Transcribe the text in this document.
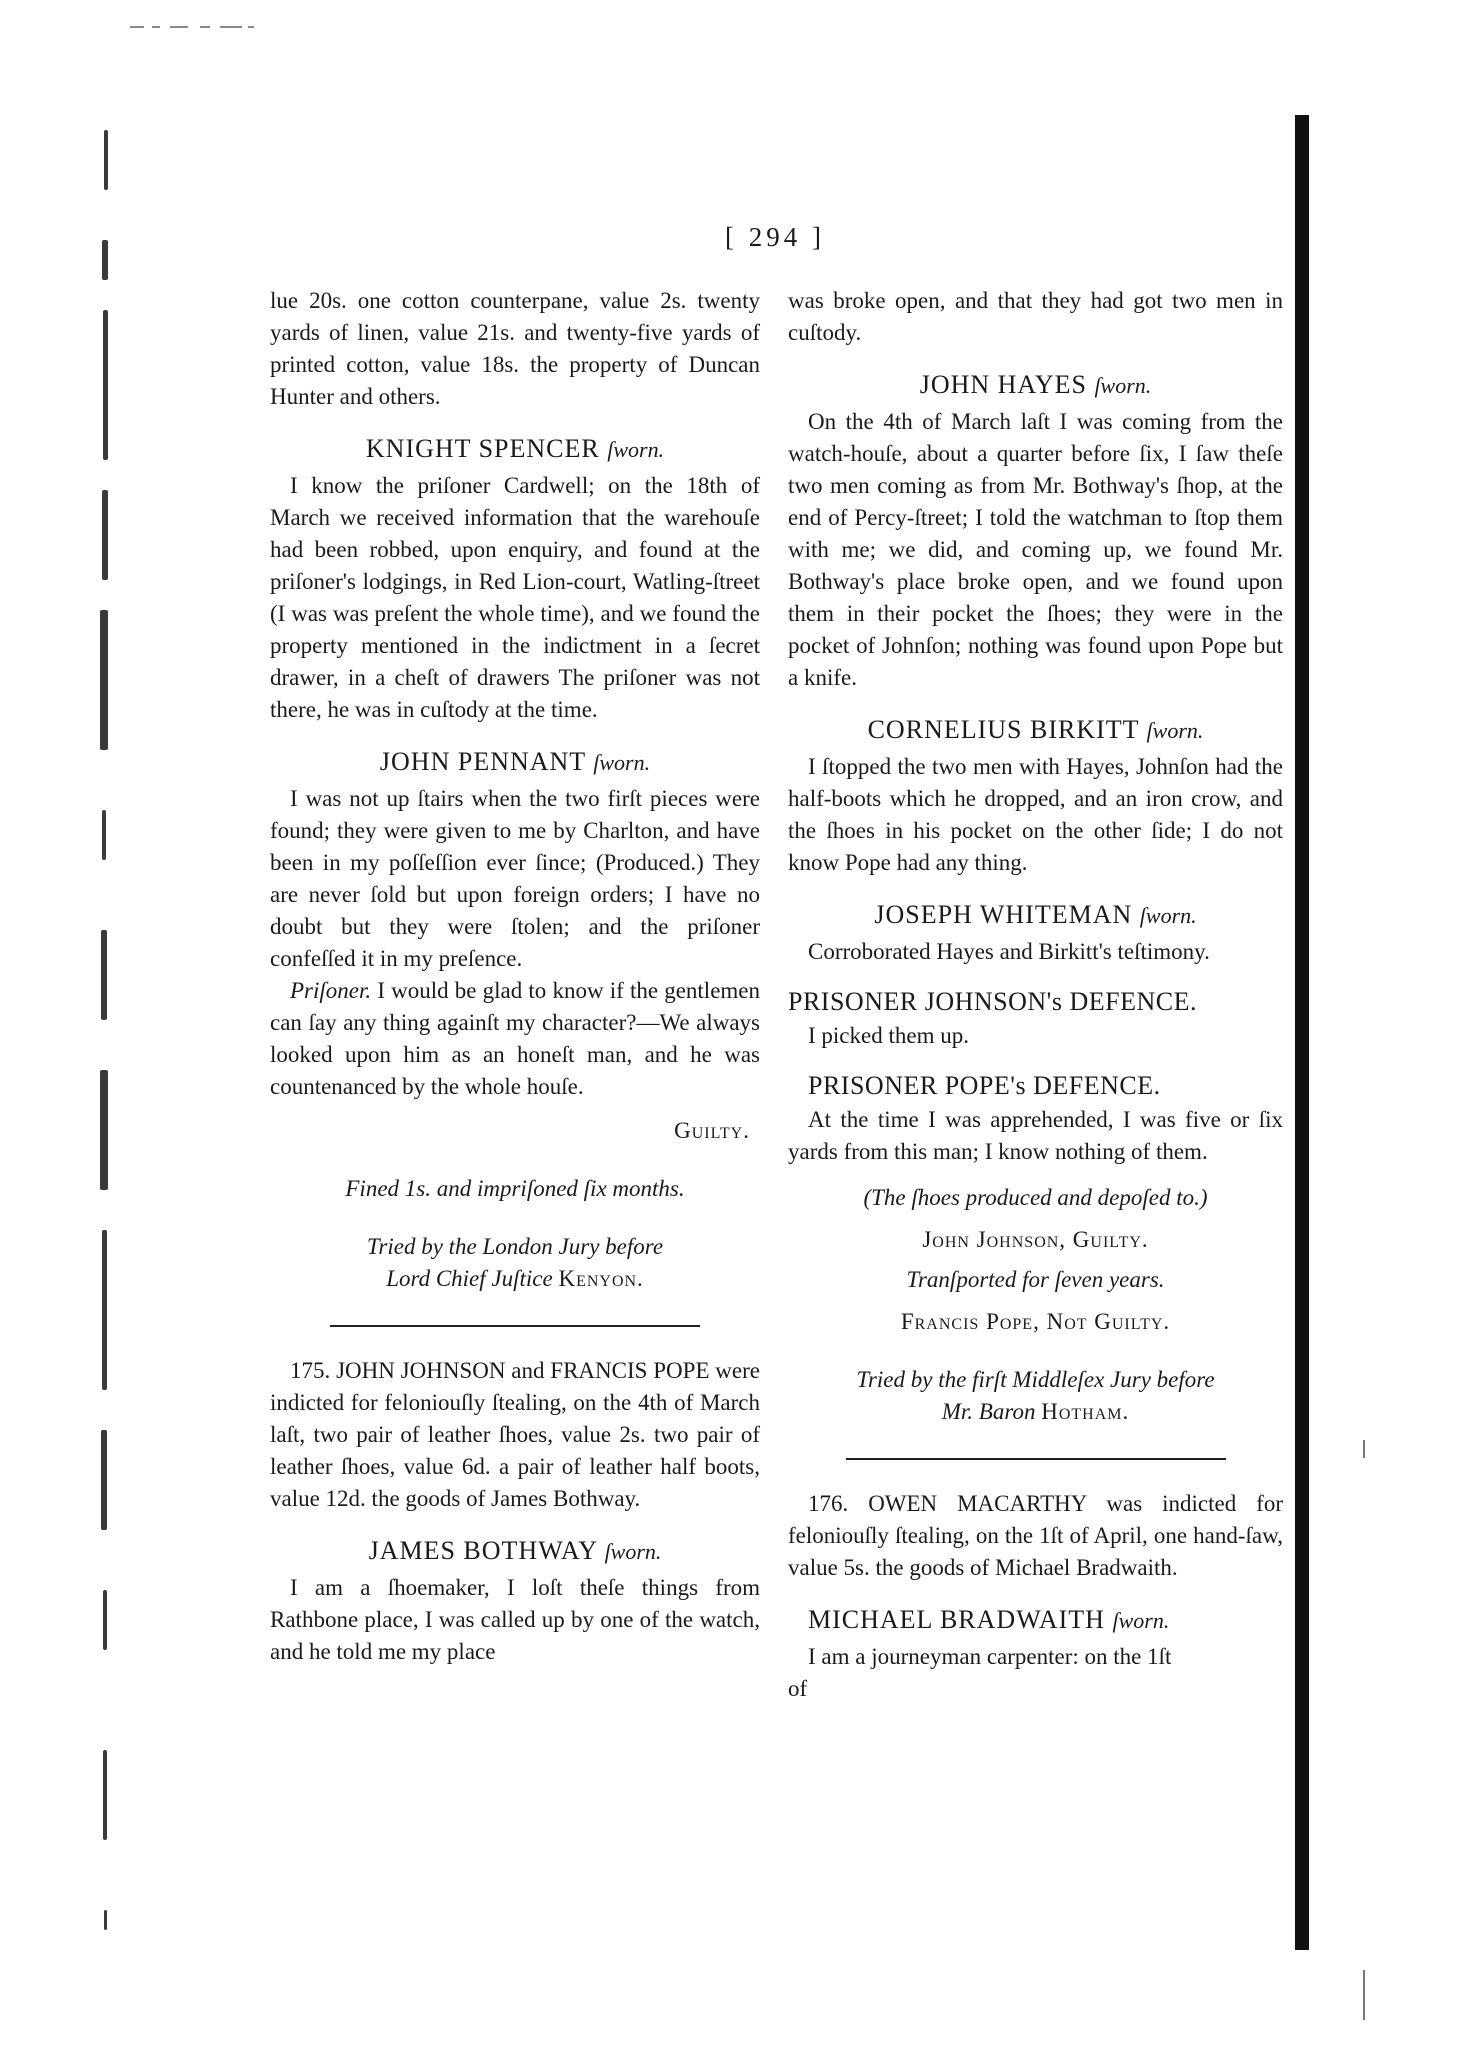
[ 294 ]

lue 20s. one cotton counterpane, value 2s. twenty yards of linen, value 21s. and twenty-five yards of printed cotton, value 18s. the property of Duncan Hunter and others.

KNIGHT SPENCER ſworn.

I know the priſoner Cardwell; on the 18th of March we received information that the warehouſe had been robbed, upon enquiry, and found at the priſoner's lodgings, in Red Lion-court, Watling-ſtreet (I was was preſent the whole time), and we found the property mentioned in the indictment in a ſecret drawer, in a cheſt of drawers The priſoner was not there, he was in cuſtody at the time.

JOHN PENNANT ſworn.

I was not up ſtairs when the two firſt pieces were found; they were given to me by Charlton, and have been in my poſſeſſion ever ſince; (Produced.) They are never ſold but upon foreign orders; I have no doubt but they were ſtolen; and the priſoner confeſſed it in my preſence.

Priſoner. I would be glad to know if the gentlemen can ſay any thing againſt my character?—We always looked upon him as an honeſt man, and he was countenanced by the whole houſe.

Guilty.

Fined 1s. and impriſoned ſix months.

Tried by the London Jury before

Lord Chief Juſtice Kenyon.

175. JOHN JOHNSON and FRANCIS POPE were indicted for feloniouſly ſtealing, on the 4th of March laſt, two pair of leather ſhoes, value 2s. two pair of leather ſhoes, value 6d. a pair of leather half boots, value 12d. the goods of James Bothway.

JAMES BOTHWAY ſworn.

I am a ſhoemaker, I loſt theſe things from Rathbone place, I was called up by one of the watch, and he told me my place

was broke open, and that they had got two men in cuſtody.

JOHN HAYES ſworn.

On the 4th of March laſt I was coming from the watch-houſe, about a quarter before ſix, I ſaw theſe two men coming as from Mr. Bothway's ſhop, at the end of Percy-ſtreet; I told the watchman to ſtop them with me; we did, and coming up, we found Mr. Bothway's place broke open, and we found upon them in their pocket the ſhoes; they were in the pocket of Johnſon; nothing was found upon Pope but a knife.

CORNELIUS BIRKITT ſworn.

I ſtopped the two men with Hayes, Johnſon had the half-boots which he dropped, and an iron crow, and the ſhoes in his pocket on the other ſide; I do not know Pope had any thing.

JOSEPH WHITEMAN ſworn.

Corroborated Hayes and Birkitt's teſtimony.

PRISONER JOHNSON's DEFENCE.

I picked them up.

PRISONER POPE's DEFENCE.

At the time I was apprehended, I was five or ſix yards from this man; I know nothing of them.

(The ſhoes produced and depoſed to.)

John Johnson, Guilty.

Tranſported for ſeven years.

Francis Pope, Not Guilty.

Tried by the firſt Middleſex Jury before

Mr. Baron Hotham.

176. OWEN MACARTHY was indicted for feloniouſly ſtealing, on the 1ſt of April, one hand-ſaw, value 5s. the goods of Michael Bradwaith.

MICHAEL BRADWAITH ſworn.

I am a journeyman carpenter: on the 1ſt

of
